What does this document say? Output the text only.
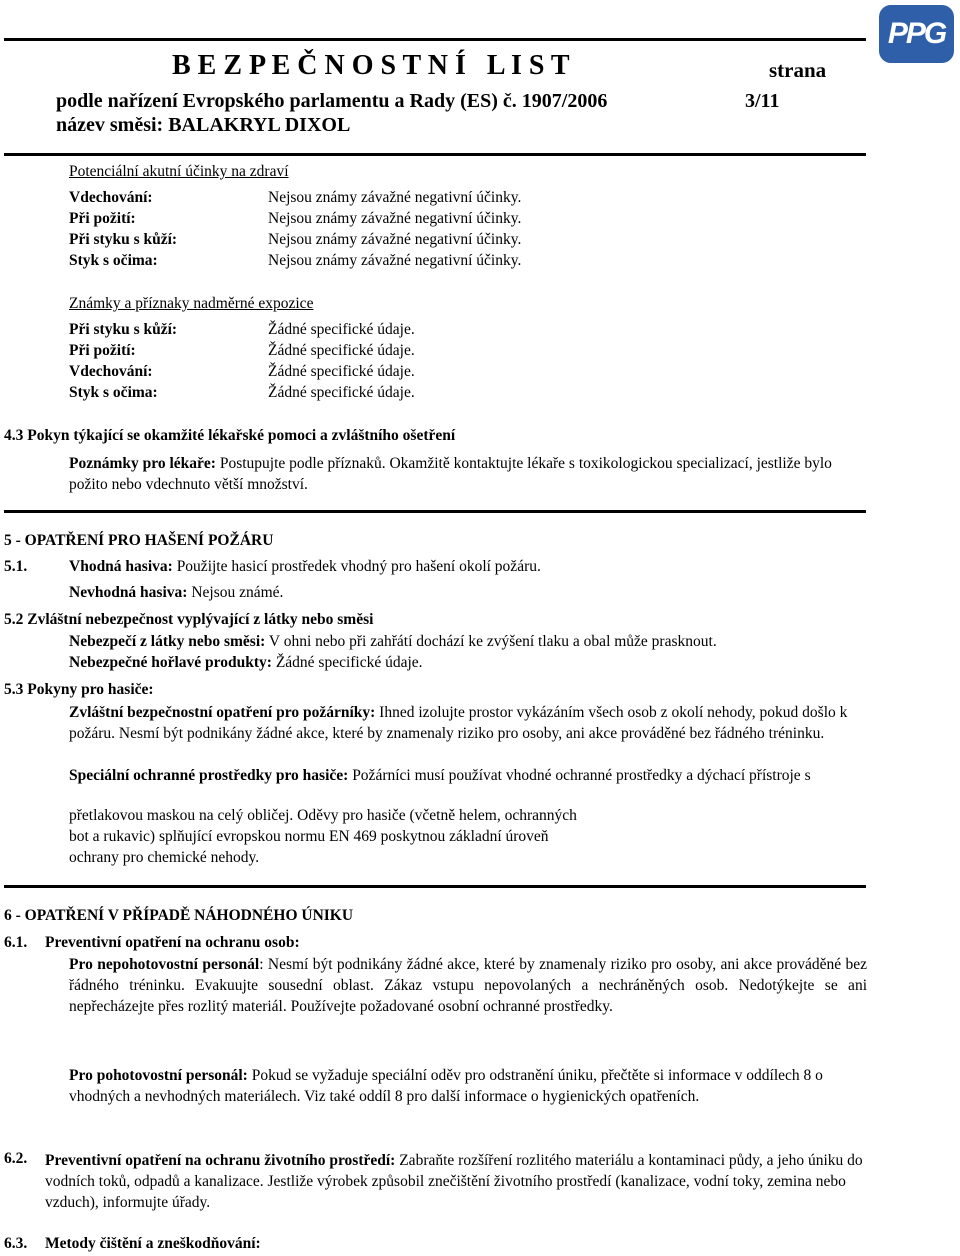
PPG
B E Z P E Č N O S T N Í   L I S T	strana
podle nařízení Evropského parlamentu a Rady (ES) č. 1907/2006	3/11
název směsi: BALAKRYL DIXOL
Potenciální akutní účinky na zdraví
Vdechování:	Nejsou známy závažné negativní účinky.
Při požití:	Nejsou známy závažné negativní účinky.
Při styku s kůží:	Nejsou známy závažné negativní účinky.
Styk s očima:	Nejsou známy závažné negativní účinky.
Známky a příznaky nadměrné expozice
Při styku s kůží:	Žádné specifické údaje.
Při požití:	Žádné specifické údaje.
Vdechování:	Žádné specifické údaje.
Styk s očima:	Žádné specifické údaje.
4.3 Pokyn týkající se okamžité lékařské pomoci a zvláštního ošetření

Poznámky pro lékaře: Postupujte podle příznaků. Okamžitě kontaktujte lékaře s toxikologickou specializací, jestliže bylo požito nebo vdechnuto větší množství.

5 - OPATŘENÍ PRO HAŠENÍ POŽÁRU
5.1.	Vhodná hasiva: Použijte hasicí prostředek vhodný pro hašení okolí požáru.
Nevhodná hasiva: Nejsou známé.
5.2 Zvláštní nebezpečnost vyplývající z látky nebo směsi
Nebezpečí z látky nebo směsi: V ohni nebo při zahřátí dochází ke zvýšení tlaku a obal může prasknout.
Nebezpečné hořlavé produkty: Žádné specifické údaje.
5.3 Pokyny pro hasiče:

Zvláštní bezpečnostní opatření pro požárníky: Ihned izolujte prostor vykázáním všech osob z okolí nehody, pokud došlo k požáru. Nesmí být podnikány žádné akce, které by znamenaly riziko pro osoby, ani akce prováděné bez řádného tréninku.

Speciální ochranné prostředky pro hasiče: Požárníci musí používat vhodné ochranné prostředky a dýchací přístroje s

přetlakovou maskou na celý obličej. Oděvy pro hasiče (včetně helem, ochranných
bot a rukavic) splňující evropskou normu EN 469 poskytnou základní úroveň
ochrany pro chemické nehody.
6 - OPATŘENÍ V PŘÍPADĚ NÁHODNÉHO ÚNIKU
6.1. Preventivní opatření na ochranu osob:

Pro nepohotovostní personál: Nesmí být podnikány žádné akce, které by znamenaly riziko pro osoby, ani akce prováděné bez řádného tréninku. Evakuujte sousední oblast. Zákaz vstupu nepovolaných a nechráněných osob. Nedotýkejte se ani nepřecházejte přes rozlitý materiál. Používejte požadované osobní ochranné prostředky.

Pro pohotovostní personál: Pokud se vyžaduje speciální oděv pro odstranění úniku, přečtěte si informace v oddílech 8 o vhodných a nevhodných materiálech. Viz také oddíl 8 pro další informace o hygienických opatřeních.

6.2. Preventivní opatření na ochranu životního prostředí: Zabraňte rozšíření rozlitého materiálu a kontaminaci půdy, a jeho úniku do vodních toků, odpadů a kanalizace. Jestliže výrobek způsobil znečištění životního prostředí (kanalizace, vodní toky, zemina nebo vzduch), informujte úřady.

6.3. Metody čištění a zneškodňování:
